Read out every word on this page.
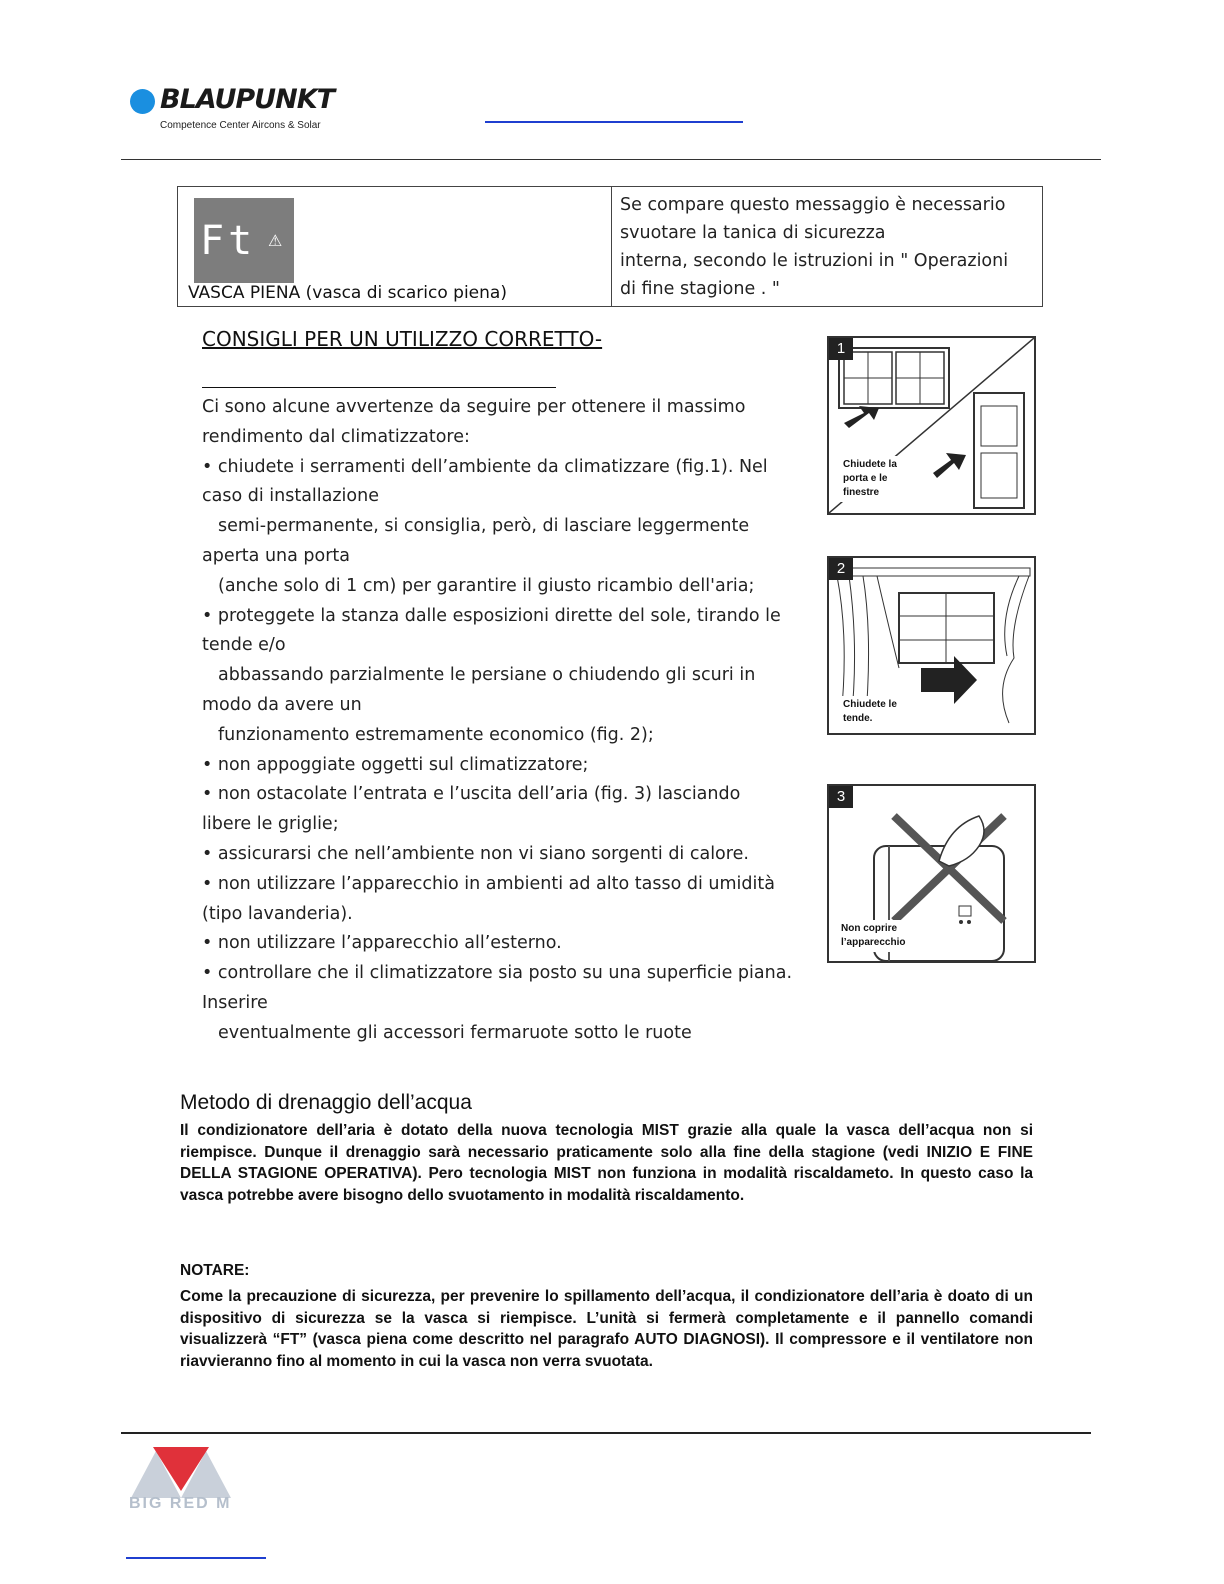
BLAUPUNKT
Competence Center Aircons & Solar
Ft ⚠
VASCA PIENA (vasca di scarico piena)
Se compare questo messaggio è necessario
svuotare la tanica di sicurezza
interna, secondo le istruzioni in " Operazioni
di fine stagione . "
CONSIGLI PER UN UTILIZZO CORRETTO-
Ci sono alcune avvertenze da seguire per ottenere il massimo
rendimento dal climatizzatore:
• chiudete i serramenti dell’ambiente da climatizzare (fig.1). Nel
caso di installazione
semi-permanente, si consiglia, però, di lasciare leggermente
aperta una porta
(anche solo di 1 cm) per garantire il giusto ricambio dell'aria;
• proteggete la stanza dalle esposizioni dirette del sole, tirando le
tende e/o
abbassando parzialmente le persiane o chiudendo gli scuri in
modo da avere un
funzionamento estremamente economico (fig. 2);
• non appoggiate oggetti sul climatizzatore;
• non ostacolate l’entrata e l’uscita dell’aria (fig. 3) lasciando
libere le griglie;
• assicurarsi che nell’ambiente non vi siano sorgenti di calore.
• non utilizzare l’apparecchio in ambienti ad alto tasso di umidità
(tipo lavanderia).
• non utilizzare l’apparecchio all’esterno.
• controllare che il climatizzatore sia posto su una superficie piana.
Inserire
eventualmente gli accessori fermaruote sotto le ruote
1
Chiudete la
porta e le
finestre
2
Chiudete le
tende.
3
Non coprire
l’apparecchio
Metodo di drenaggio dell’acqua
Il condizionatore dell’aria è dotato della nuova tecnologia MIST grazie alla quale la vasca dell’acqua non si riempisce. Dunque il drenaggio sarà necessario praticamente solo alla fine della stagione (vedi INIZIO E FINE DELLA STAGIONE OPERATIVA). Pero tecnologia MIST non funziona in modalità riscaldameto. In questo caso la vasca potrebbe avere bisogno dello svuotamento in modalità riscaldamento.
NOTARE:
Come la precauzione di sicurezza, per prevenire lo spillamento dell’acqua, il condizionatore dell’aria è doato di un dispositivo di sicurezza se la vasca si riempisce. L’unità si fermerà completamente e il pannello comandi visualizzerà “FT” (vasca piena come descritto nel paragrafo AUTO DIAGNOSI). Il compressore e il ventilatore non riavvieranno fino al momento in cui la vasca non verra svuotata.
BIG RED M
